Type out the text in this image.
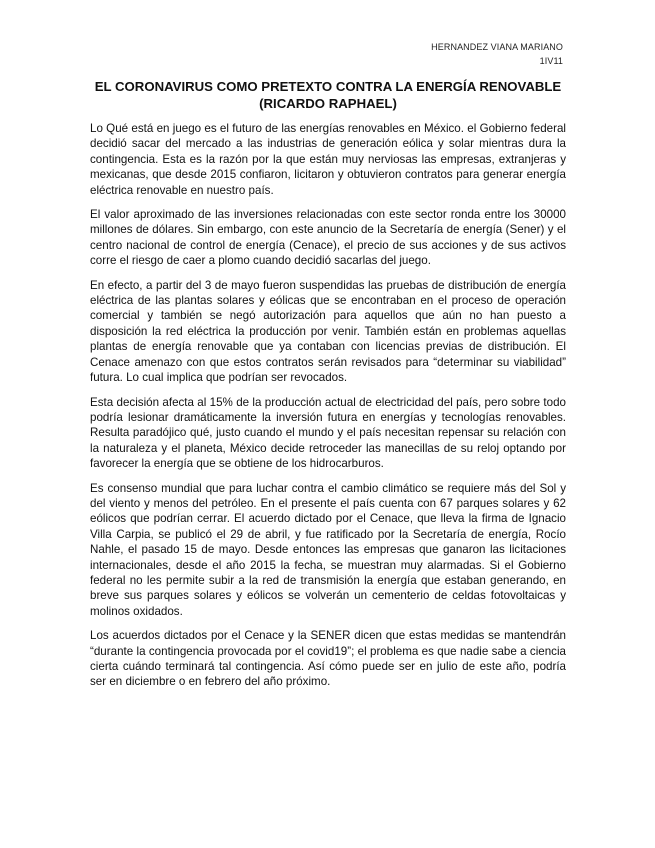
HERNANDEZ VIANA MARIANO
1IV11
EL CORONAVIRUS COMO PRETEXTO CONTRA LA ENERGÍA RENOVABLE (RICARDO RAPHAEL)

Lo Qué está en juego es el futuro de las energías renovables en México. el Gobierno federal decidió sacar del mercado a las industrias de generación eólica y solar mientras dura la contingencia. Esta es la razón por la que están muy nerviosas las empresas, extranjeras y mexicanas, que desde 2015 confiaron, licitaron y obtuvieron contratos para generar energía eléctrica renovable en nuestro país.

El valor aproximado de las inversiones relacionadas con este sector ronda entre los 30000 millones de dólares. Sin embargo, con este anuncio de la Secretaría de energía (Sener) y el centro nacional de control de energía (Cenace), el precio de sus acciones y de sus activos corre el riesgo de caer a plomo cuando decidió sacarlas del juego.

En efecto, a partir del 3 de mayo fueron suspendidas las pruebas de distribución de energía eléctrica de las plantas solares y eólicas que se encontraban en el proceso de operación comercial y también se negó autorización para aquellos que aún no han puesto a disposición la red eléctrica la producción por venir. También están en problemas aquellas plantas de energía renovable que ya contaban con licencias previas de distribución. El Cenace amenazo con que estos contratos serán revisados para “determinar su viabilidad” futura. Lo cual implica que podrían ser revocados.

Esta decisión afecta al 15% de la producción actual de electricidad del país, pero sobre todo podría lesionar dramáticamente la inversión futura en energías y tecnologías renovables. Resulta paradójico qué, justo cuando el mundo y el país necesitan repensar su relación con la naturaleza y el planeta, México decide retroceder las manecillas de su reloj optando por favorecer la energía que se obtiene de los hidrocarburos.

Es consenso mundial que para luchar contra el cambio climático se requiere más del Sol y del viento y menos del petróleo. En el presente el país cuenta con 67 parques solares y 62 eólicos que podrían cerrar. El acuerdo dictado por el Cenace, que lleva la firma de Ignacio Villa Carpia, se publicó el 29 de abril, y fue ratificado por la Secretaría de energía, Rocío Nahle, el pasado 15 de mayo. Desde entonces las empresas que ganaron las licitaciones internacionales, desde el año 2015 la fecha, se muestran muy alarmadas. Si el Gobierno federal no les permite subir a la red de transmisión la energía que estaban generando, en breve sus parques solares y eólicos se volverán un cementerio de celdas fotovoltaicas y molinos oxidados.

Los acuerdos dictados por el Cenace y la SENER dicen que estas medidas se mantendrán “durante la contingencia provocada por el covid19”; el problema es que nadie sabe a ciencia cierta cuándo terminará tal contingencia. Así cómo puede ser en julio de este año, podría ser en diciembre o en febrero del año próximo.
